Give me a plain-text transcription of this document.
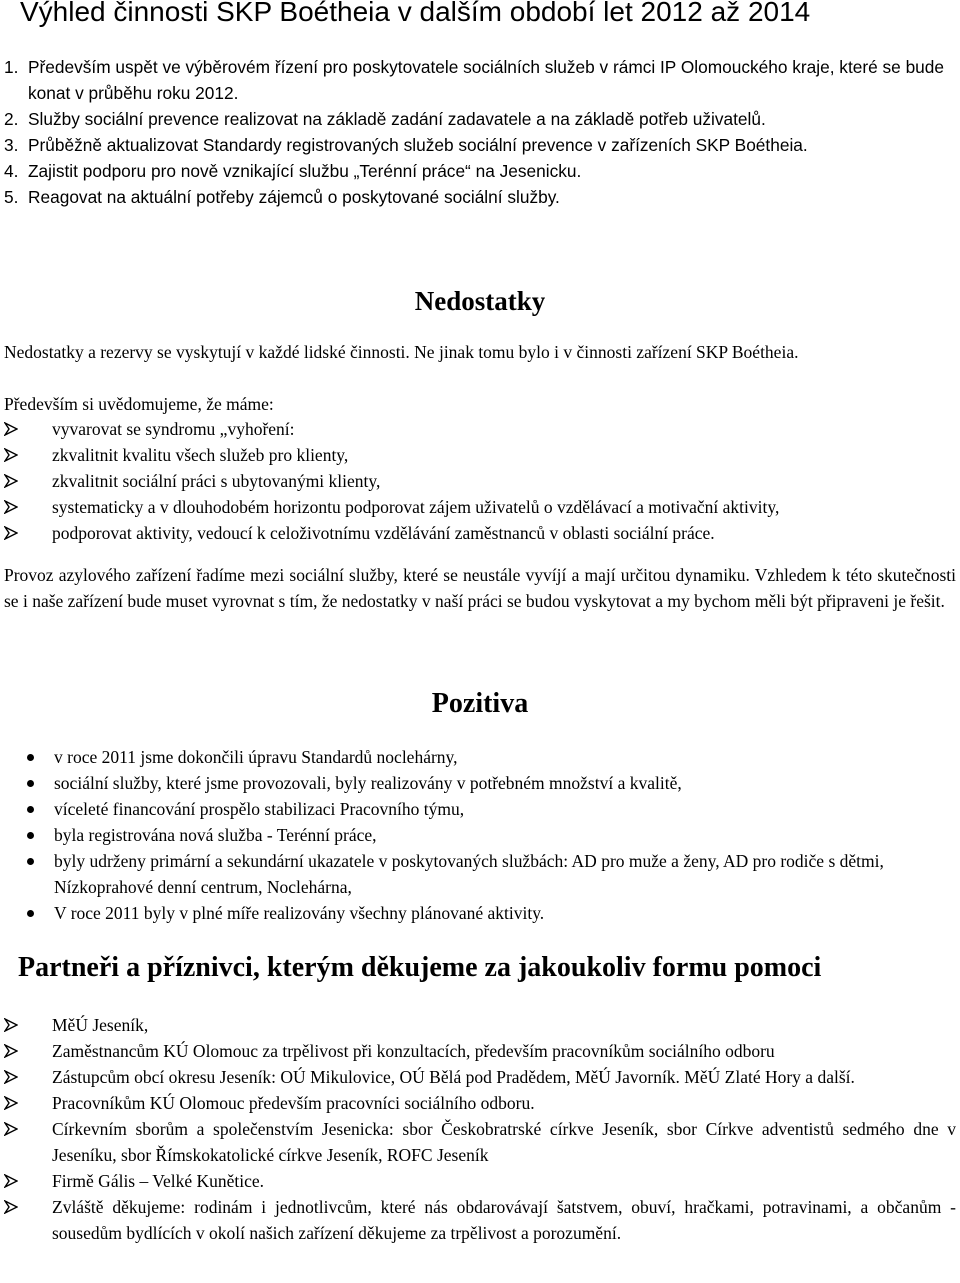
Výhled činnosti SKP Boétheia v dalším období let 2012 až 2014
1. Především uspět ve výběrovém řízení pro poskytovatele sociálních služeb v rámci IP Olomouckého kraje, které se bude konat v průběhu roku 2012.
2. Služby sociální prevence realizovat na základě zadání zadavatele a na základě potřeb uživatelů.
3. Průběžně aktualizovat Standardy registrovaných služeb sociální prevence v zařízeních SKP Boétheia.
4. Zajistit podporu pro nově vznikající službu „Terénní práce“ na Jesenicku.
5. Reagovat na aktuální potřeby zájemců o poskytované sociální služby.
Nedostatky
Nedostatky a rezervy se vyskytují v každé lidské činnosti. Ne jinak tomu bylo i v činnosti zařízení SKP Boétheia.
Především si uvědomujeme, že máme:
vyvarovat se syndromu „vyhoření:
zkvalitnit kvalitu všech služeb pro klienty,
zkvalitnit sociální práci s ubytovanými klienty,
systematicky a v dlouhodobém horizontu podporovat zájem uživatelů o vzdělávací a motivační aktivity,
podporovat aktivity, vedoucí k celoživotnímu vzdělávání zaměstnanců v oblasti sociální práce.
Provoz azylového zařízení řadíme mezi sociální služby, které se neustále vyvíjí a mají určitou dynamiku. Vzhledem k této skutečnosti se i naše zařízení bude muset vyrovnat s tím, že nedostatky v naší práci se budou vyskytovat a my bychom měli být připraveni je řešit.
Pozitiva
v roce 2011 jsme dokončili úpravu Standardů noclehárny,
sociální služby, které jsme provozovali, byly realizovány v potřebném množství a kvalitě,
víceleté financování prospělo stabilizaci Pracovního týmu,
byla registrována nová služba - Terénní práce,
byly udrženy primární a sekundární ukazatele v poskytovaných službách: AD pro muže a ženy, AD pro rodiče s dětmi, Nízkoprahové denní centrum, Noclehárna,
V roce 2011 byly v plné míře realizovány všechny plánované aktivity.
Partneři a příznivci, kterým děkujeme za jakoukoliv formu pomoci
MěÚ Jeseník,
Zaměstnancům KÚ Olomouc za trpělivost při konzultacích, především pracovníkům sociálního odboru
Zástupcům obcí okresu Jeseník: OÚ Mikulovice, OÚ Bělá pod Pradědem, MěÚ Javorník. MěÚ Zlaté Hory a další.
Pracovníkům KÚ Olomouc především pracovníci sociálního odboru.
Církevním sborům a společenstvím Jesenicka: sbor Českobratrské církve Jeseník, sbor Církve adventistů sedmého dne v Jeseníku, sbor Římskokatolické církve Jeseník, ROFC Jeseník
Firmě Gális – Velké Kunětice.
Zvláště děkujeme: rodinám i jednotlivcům, které nás obdarovávají šatstvem, obuví, hračkami, potravinami, a občanům - sousedům bydlících v okolí našich zařízení děkujeme za trpělivost a porozumění.
